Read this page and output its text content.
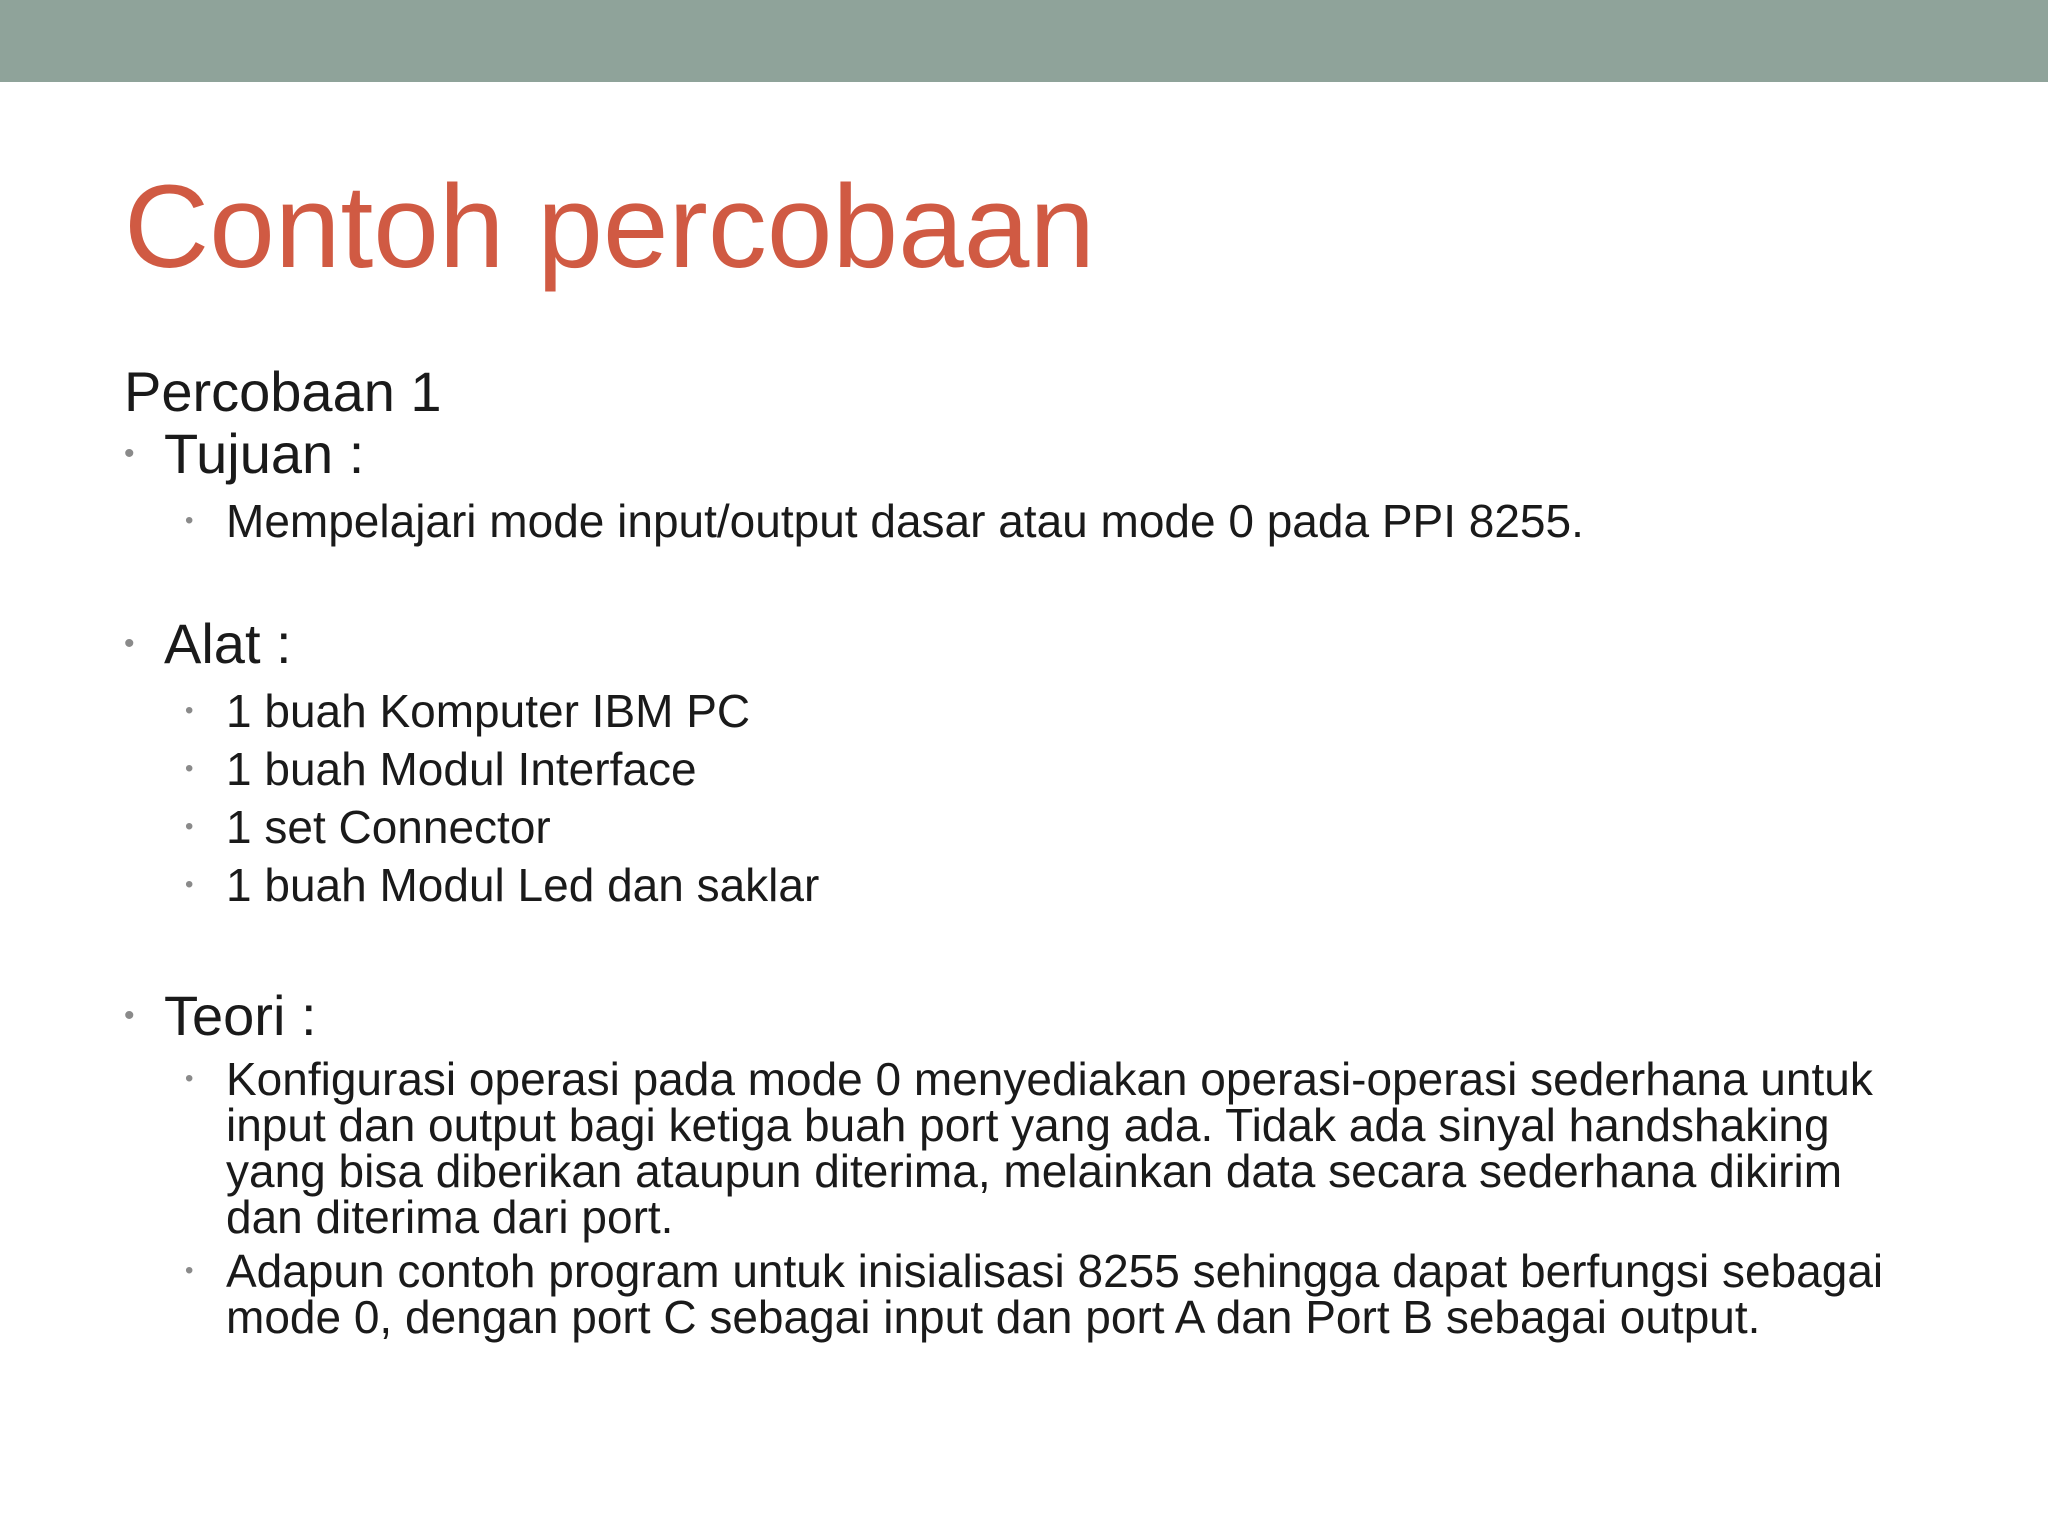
Contoh percobaan
Percobaan 1
• Tujuan :
• Mempelajari mode input/output dasar atau mode 0 pada PPI 8255.
• Alat :
• 1 buah Komputer IBM PC
• 1 buah Modul Interface
• 1 set Connector
• 1 buah Modul Led dan saklar
• Teori :
• Konfigurasi operasi pada mode 0 menyediakan operasi-operasi sederhana untuk input dan output bagi ketiga buah port yang ada. Tidak ada sinyal handshaking yang bisa diberikan ataupun diterima, melainkan data secara sederhana dikirim dan diterima dari port.
• Adapun contoh program untuk inisialisasi 8255 sehingga dapat berfungsi sebagai mode 0, dengan port C sebagai input dan port A dan Port B sebagai output.
